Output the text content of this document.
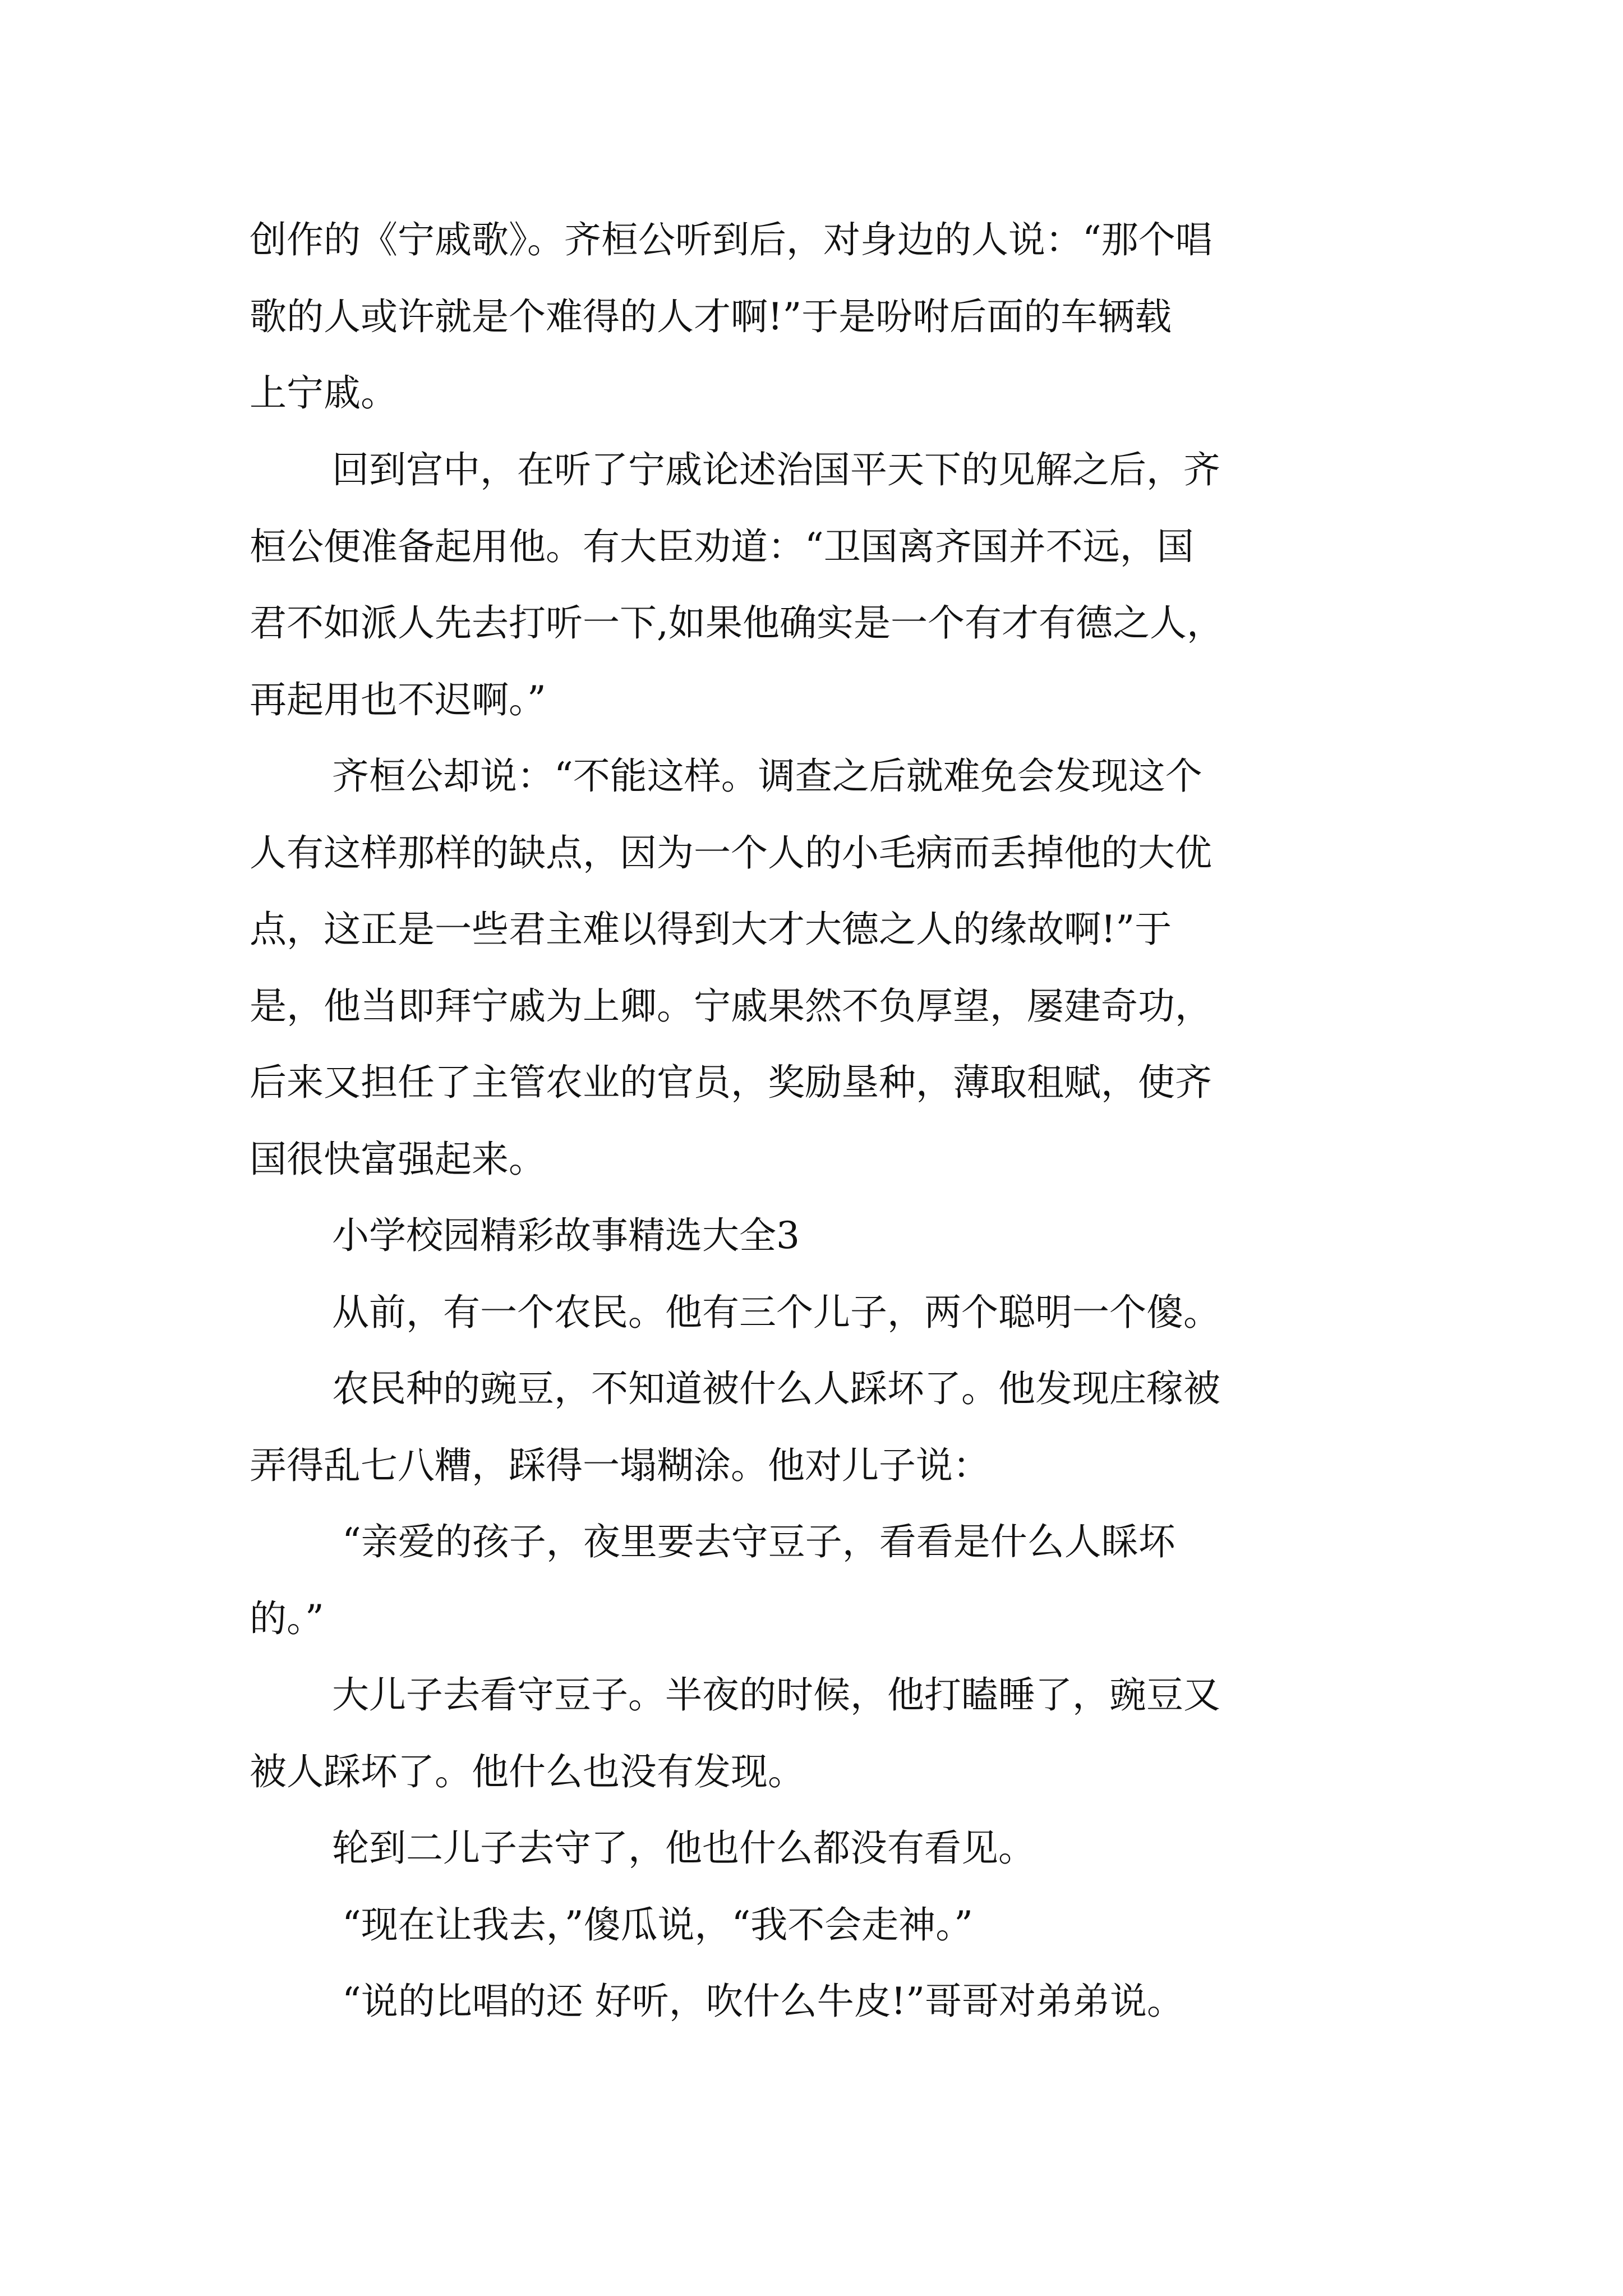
创作的《宁戚歌》。齐桓公听到后，对身边的人说：“那个唱
歌的人或许就是个难得的人才啊!”于是吩咐后面的车辆载
上宁戚。
回到宫中，在听了宁戚论述治国平天下的见解之后，齐
桓公便准备起用他。有大臣劝道：“卫国离齐国并不远，国
君不如派人先去打听一下,如果他确实是一个有才有德之人，
再起用也不迟啊。”
齐桓公却说：“不能这样。调查之后就难免会发现这个
人有这样那样的缺点，因为一个人的小毛病而丢掉他的大优
点，这正是一些君主难以得到大才大德之人的缘故啊!”于
是，他当即拜宁戚为上卿。宁戚果然不负厚望，屡建奇功，
后来又担任了主管农业的官员，奖励垦种，薄取租赋，使齐
国很快富强起来。
小学校园精彩故事精选大全3
从前，有一个农民。他有三个儿子，两个聪明一个傻。
农民种的豌豆，不知道被什么人踩坏了。他发现庄稼被
弄得乱七八糟，踩得一塌糊涂。他对儿子说：
“亲爱的孩子，夜里要去守豆子，看看是什么人睬坏
的。”
大儿子去看守豆子。半夜的时候，他打瞌睡了，豌豆又
被人踩坏了。他什么也没有发现。
轮到二儿子去守了，他也什么都没有看见。
“现在让我去，”傻瓜说，“我不会走神。”
“说的比唱的还 好听，吹什么牛皮!”哥哥对弟弟说。
